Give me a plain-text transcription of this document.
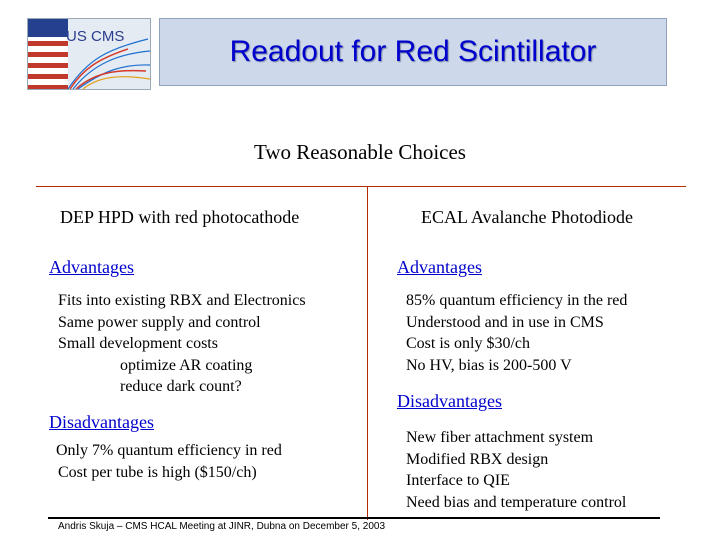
US CMS	Readout for Red Scintillator
Two Reasonable Choices
DEP HPD with red photocathode
Advantages
Fits into existing RBX and Electronics
Same power supply and control
Small development costs
optimize AR coating
reduce dark count?
Disadvantages
Only 7% quantum efficiency in red
Cost per tube is high ($150/ch)
ECAL Avalanche Photodiode
Advantages
85% quantum efficiency in the red
Understood and in use in CMS
Cost is only $30/ch
No HV, bias is 200-500 V
Disadvantages
New fiber attachment system
Modified RBX design
Interface to QIE
Need bias and temperature control
Andris Skuja – CMS HCAL Meeting at JINR, Dubna on December 5, 2003
